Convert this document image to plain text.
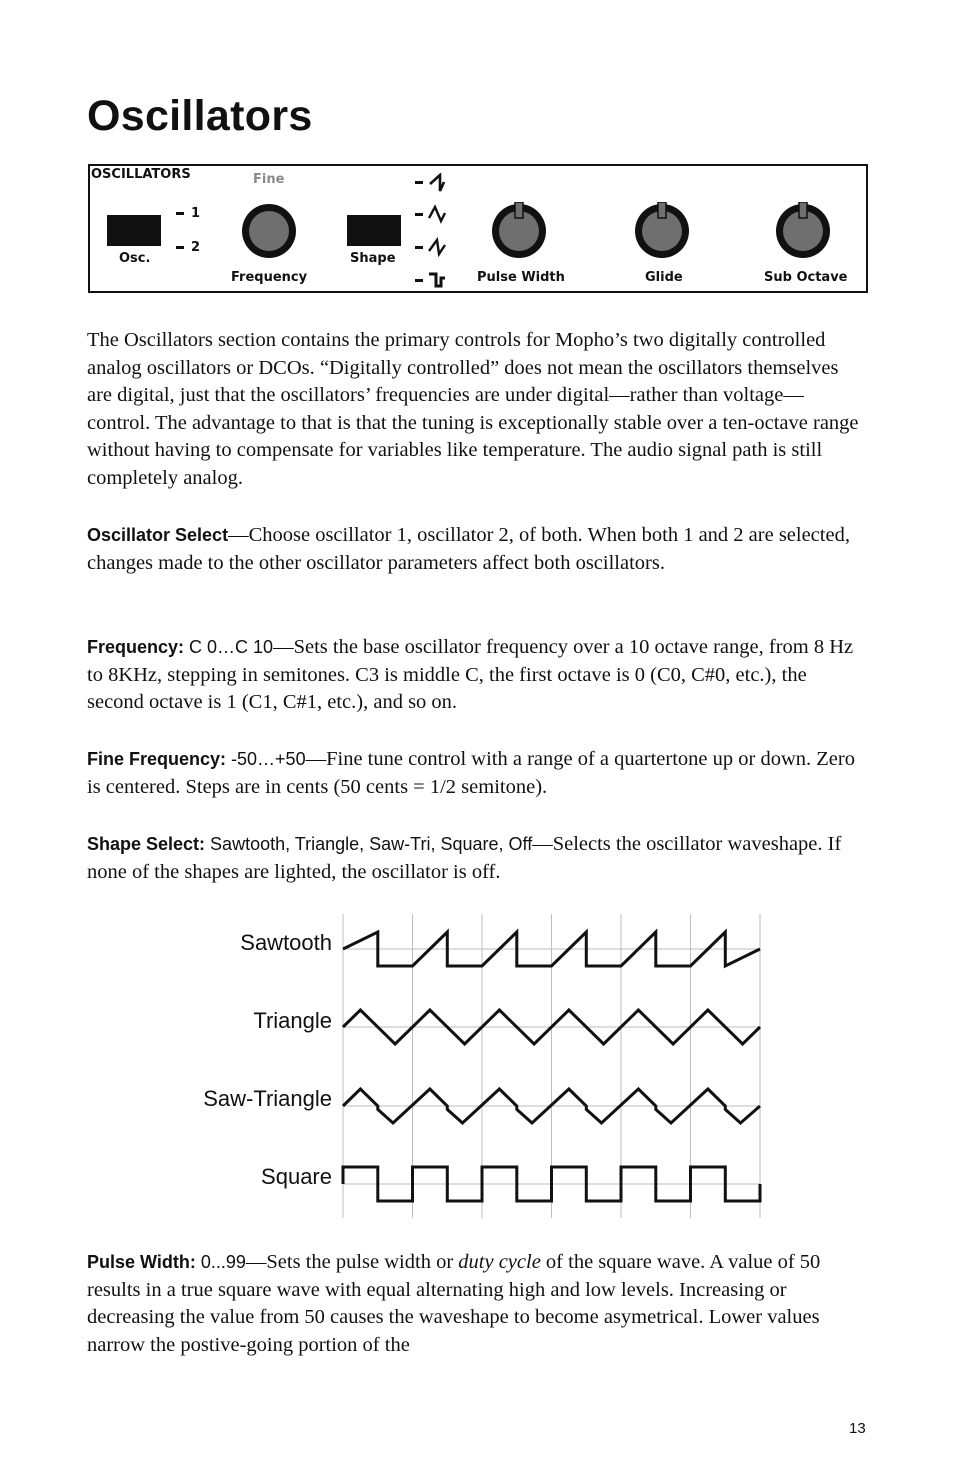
Oscillators
OSCILLATORS	Fine
Osc.
1
2
Frequency
Shape
Pulse Width	Glide	Sub Octave

The Oscillators section contains the primary controls for Mopho’s two digitally controlled analog oscillators or DCOs. “Digitally controlled” does not mean the oscillators themselves are digital, just that the oscillators’ frequencies are under digital—rather than voltage—control. The advantage to that is that the tuning is exceptionally stable over a ten-octave range without having to compensate for variables like temperature. The audio signal path is still completely analog.

Oscillator Select—Choose oscillator 1, oscillator 2, of both. When both 1 and 2 are selected, changes made to the other oscillator parameters affect both oscillators.

Frequency: C 0…C 10—Sets the base oscillator frequency over a 10 octave range, from 8 Hz to 8KHz, stepping in semitones. C3 is middle C, the first octave is 0 (C0, C#0, etc.), the second octave is 1 (C1, C#1, etc.), and so on.

Fine Frequency: -50…+50—Fine tune control with a range of a quartertone up or down. Zero is centered. Steps are in cents (50 cents = 1/2 semitone).

Shape Select: Sawtooth, Triangle, Saw-Tri, Square, Off—Selects the oscillator waveshape. If none of the shapes are lighted, the oscillator is off.

Sawtooth
Triangle
Saw-Triangle
Square

Pulse Width: 0...99—Sets the pulse width or duty cycle of the square wave. A value of 50 results in a true square wave with equal alternating high and low levels. Increasing or decreasing the value from 50 causes the waveshape to become asymetrical. Lower values narrow the postive-going portion of the

13
